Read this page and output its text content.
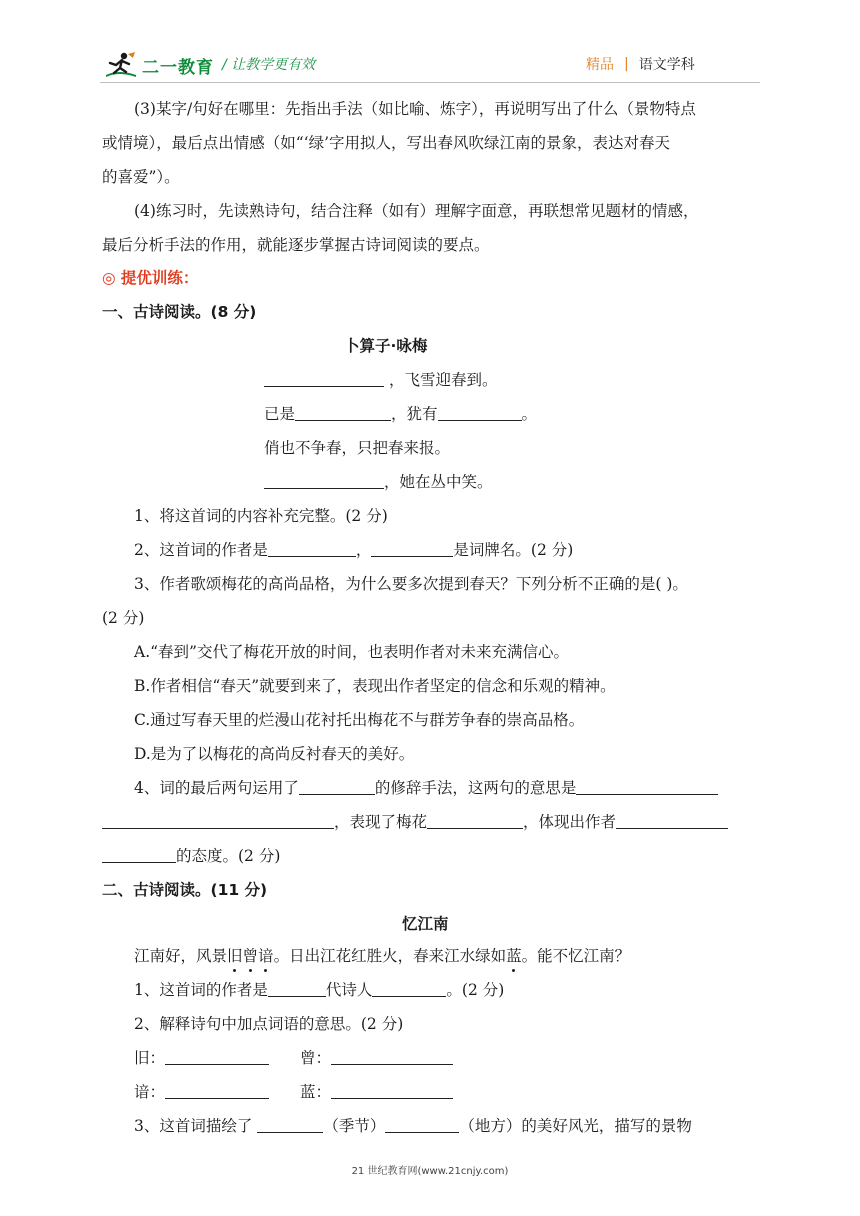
二一教育 / 让教学更有效	精品 | 语文学科
(3)某字/句好在哪里：先指出手法（如比喻、炼字），再说明写出了什么（景物特点
或情境），最后点出情感（如“‘绿’字用拟人，写出春风吹绿江南的景象，表达对春天
的喜爱”）。
(4)练习时，先读熟诗句，结合注释（如有）理解字面意，再联想常见题材的情感，
最后分析手法的作用，就能逐步掌握古诗词阅读的要点。
◎ 提优训练：
一、古诗阅读。(8 分)
卜算子·咏梅
，飞雪迎春到。
已是	，犹有	。
俏也不争春，只把春来报。
，她在丛中笑。
1、将这首词的内容补充完整。(2 分)
2、这首词的作者是	，	是词牌名。(2 分)
3、作者歌颂梅花的高尚品格，为什么要多次提到春天？下列分析不正确的是( )。
(2 分)
A.“春到”交代了梅花开放的时间，也表明作者对未来充满信心。
B.作者相信“春天”就要到来了，表现出作者坚定的信念和乐观的精神。
C.通过写春天里的烂漫山花衬托出梅花不与群芳争春的崇高品格。
D.是为了以梅花的高尚反衬春天的美好。
4、词的最后两句运用了	的修辞手法，这两句的意思是
，表现了梅花	，体现出作者
的态度。(2 分)
二、古诗阅读。(11 分)
忆江南
江南好，风景旧曾谙。日出江花红胜火，春来江水绿如蓝。能不忆江南？
1、这首词的作者是	代诗人	。(2 分)
2、解释诗句中加点词语的意思。(2 分)
旧：	曾：
谙：	蓝：
3、这首词描绘了	（季节）	（地方）的美好风光，描写的景物
21 世纪教育网(www.21cnjy.com)
